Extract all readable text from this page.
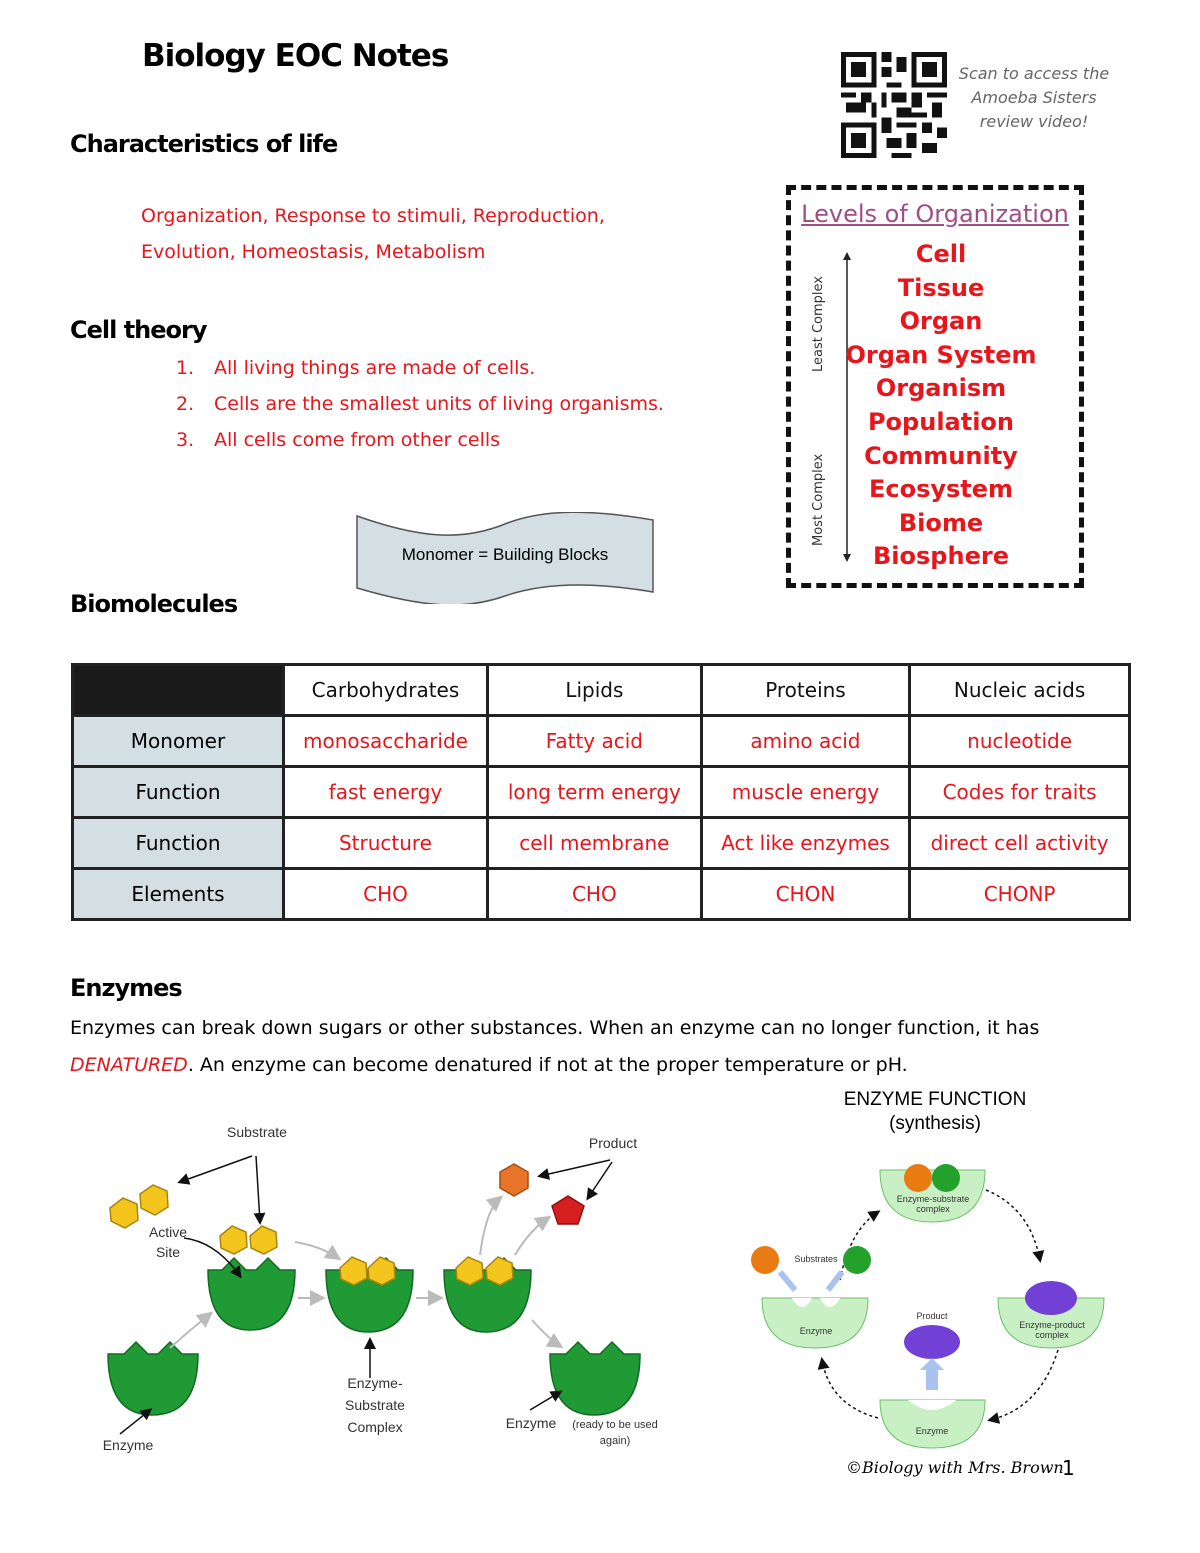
Biology EOC Notes
Characteristics of life
Organization, Response to stimuli, Reproduction,
Evolution, Homeostasis, Metabolism
Cell theory
1.	All living things are made of cells.
2.	Cells are the smallest units of living organisms.
3.	All cells come from other cells
Scan to access the
Amoeba Sisters
review video!
Levels of Organization
Least Complex
Most Complex
Cell
Tissue
Organ
Organ System
Organism
Population
Community
Ecosystem
Biome
Biosphere
Monomer = Building Blocks
Biomolecules
	Carbohydrates	Lipids	Proteins	Nucleic acids
Monomer	monosaccharide	Fatty acid	amino acid	nucleotide
Function	fast energy	long term energy	muscle energy	Codes for traits
Function	Structure	cell membrane	Act like enzymes	direct cell activity
Elements	CHO	CHO	CHON	CHONP
Enzymes
Enzymes can break down sugars or other substances. When an enzyme can no longer function, it has DENATURED. An enzyme can become denatured if not at the proper temperature or pH.
Substrate
Product
Active
Site
Enzyme-
Substrate
Complex
Enzyme
Enzyme	(ready to be used
again)
ENZYME FUNCTION
(synthesis)
Enzyme-substrate
complex
Substrates
Enzyme
Product
Enzyme-product
complex
Enzyme
©Biology with Mrs. Brown
1
